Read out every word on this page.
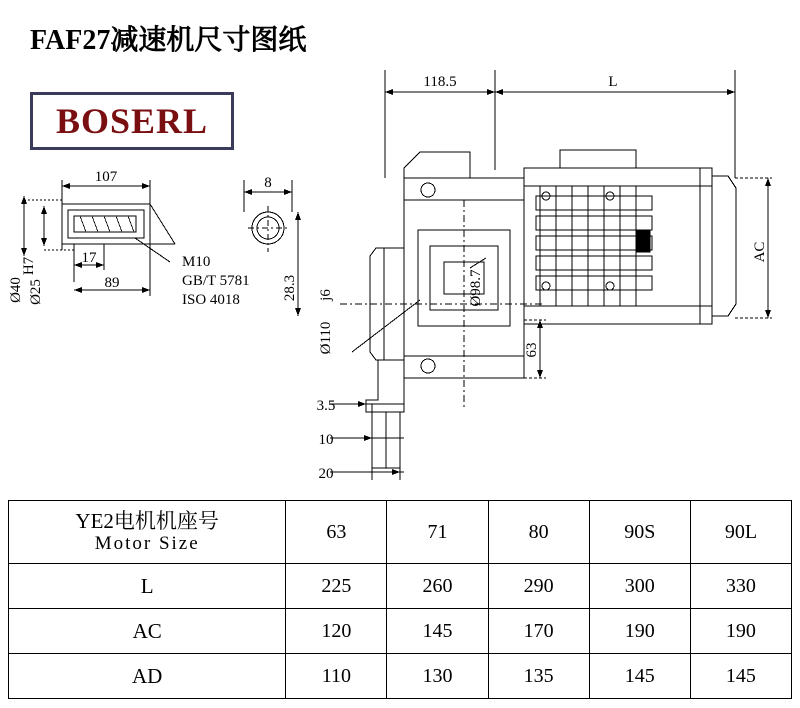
FAF27减速机尺寸图纸
BOSERL
118.5	L
AC
107	8
17
89
Ø40 Ø25
H7	M10
GB/T 5781
ISO 4018	28.3	Ø98.7
Ø110
j6
63
3.5
10
20
YE2电机机座号
Motor Size	63	71	80	90S	90L
L	225	260	290	300	330
AC	120	145	170	190	190
AD	110	130	135	145	145
